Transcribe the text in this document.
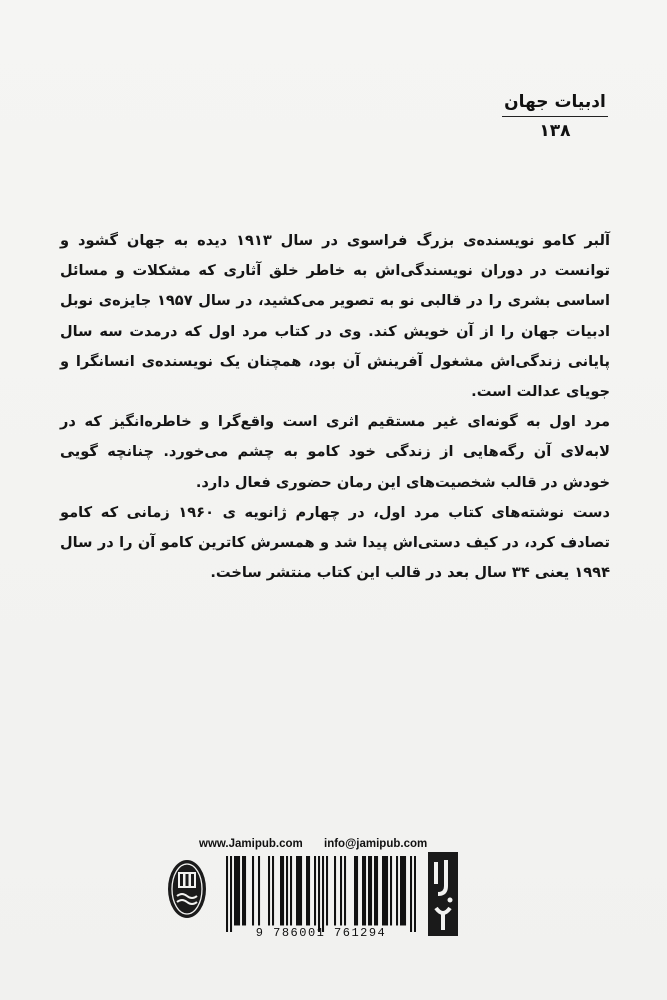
ادبیات جهان
۱۳۸

آلبر کامو نویسنده‌ی بزرگ فراسوی در سال ۱۹۱۳ دیده به جهان گشود و توانست در دوران نویسندگی‌اش به خاطر خلق آثاری که مشکلات و مسائل اساسی بشری را در قالبی نو به تصویر می‌کشید، در سال ۱۹۵۷ جایزه‌ی نوبل ادبیات جهان را از آن خویش کند. وی در کتاب مرد اول که درمدت سه سال پایانی زندگی‌اش مشغول آفرینش آن بود، همچنان یک نویسنده‌ی انسانگرا و جویای عدالت است.

مرد اول به گونه‌ای غیر مستقیم اثری است واقع‌گرا و خاطره‌انگیز که در لابه‌لای آن رگه‌هایی از زندگی خود کامو به چشم می‌خورد. چنانچه گویی خودش در قالب شخصیت‌های این رمان حضوری فعال دارد.

دست نوشته‌های کتاب مرد اول، در چهارم ژانویه ی ۱۹۶۰ زمانی که کامو تصادف کرد، در کیف دستی‌اش پیدا شد و همسرش کاترین کامو آن را در سال ۱۹۹۴ یعنی ۳۴ سال بعد در قالب این کتاب منتشر ساخت.

www.Jamipub.com info@jamipub.com
9 786001 761294
